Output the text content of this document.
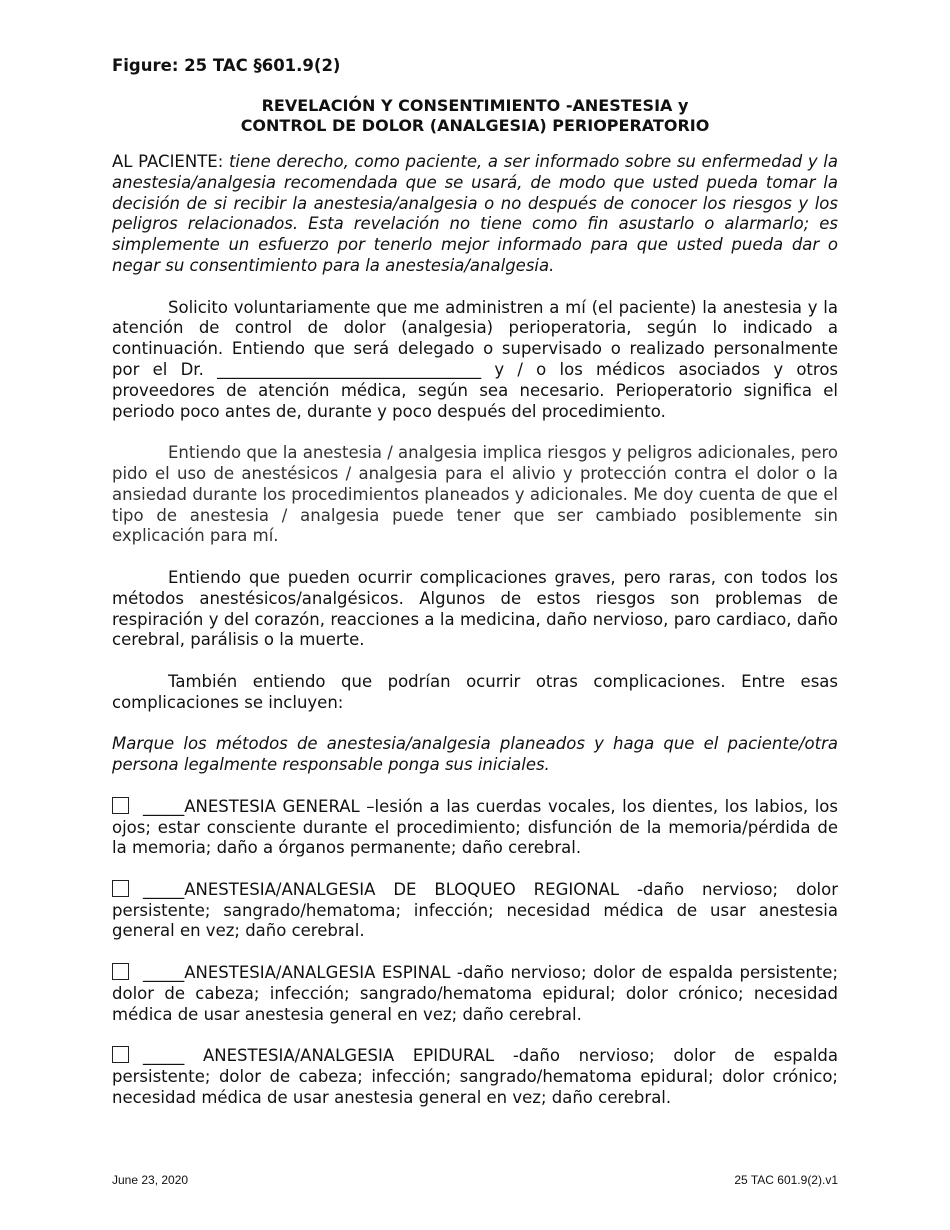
Figure: 25 TAC §601.9(2)
REVELACIÓN Y CONSENTIMIENTO -ANESTESIA y
CONTROL DE DOLOR (ANALGESIA) PERIOPERATORIO

AL PACIENTE: tiene derecho, como paciente, a ser informado sobre su enfermedad y la anestesia/analgesia recomendada que se usará, de modo que usted pueda tomar la decisión de si recibir la anestesia/analgesia o no después de conocer los riesgos y los peligros relacionados. Esta revelación no tiene como fin asustarlo o alarmarlo; es simplemente un esfuerzo por tenerlo mejor informado para que usted pueda dar o negar su consentimiento para la anestesia/analgesia.

Solicito voluntariamente que me administren a mí (el paciente) la anestesia y la atención de control de dolor (analgesia) perioperatoria, según lo indicado a continuación. Entiendo que será delegado o supervisado o realizado personalmente por el Dr. ________________________________ y / o los médicos asociados y otros proveedores de atención médica, según sea necesario. Perioperatorio significa el periodo poco antes de, durante y poco después del procedimiento.

Entiendo que la anestesia / analgesia implica riesgos y peligros adicionales, pero pido el uso de anestésicos / analgesia para el alivio y protección contra el dolor o la ansiedad durante los procedimientos planeados y adicionales. Me doy cuenta de que el tipo de anestesia / analgesia puede tener que ser cambiado posiblemente sin explicación para mí.

Entiendo que pueden ocurrir complicaciones graves, pero raras, con todos los métodos anestésicos/analgésicos. Algunos de estos riesgos son problemas de respiración y del corazón, reacciones a la medicina, daño nervioso, paro cardiaco, daño cerebral, parálisis o la muerte.

También entiendo que podrían ocurrir otras complicaciones. Entre esas complicaciones se incluyen:

Marque los métodos de anestesia/analgesia planeados y haga que el paciente/otra persona legalmente responsable ponga sus iniciales.

_____ANESTESIA GENERAL –lesión a las cuerdas vocales, los dientes, los labios, los ojos; estar consciente durante el procedimiento; disfunción de la memoria/pérdida de la memoria; daño a órganos permanente; daño cerebral.

_____ANESTESIA/ANALGESIA DE BLOQUEO REGIONAL -daño nervioso; dolor persistente; sangrado/hematoma; infección; necesidad médica de usar anestesia general en vez; daño cerebral.

_____ANESTESIA/ANALGESIA ESPINAL -daño nervioso; dolor de espalda persistente; dolor de cabeza; infección; sangrado/hematoma epidural; dolor crónico; necesidad médica de usar anestesia general en vez; daño cerebral.

_____ ANESTESIA/ANALGESIA EPIDURAL -daño nervioso; dolor de espalda persistente; dolor de cabeza; infección; sangrado/hematoma epidural; dolor crónico; necesidad médica de usar anestesia general en vez; daño cerebral.

June 23, 2020	25 TAC 601.9(2).v1
